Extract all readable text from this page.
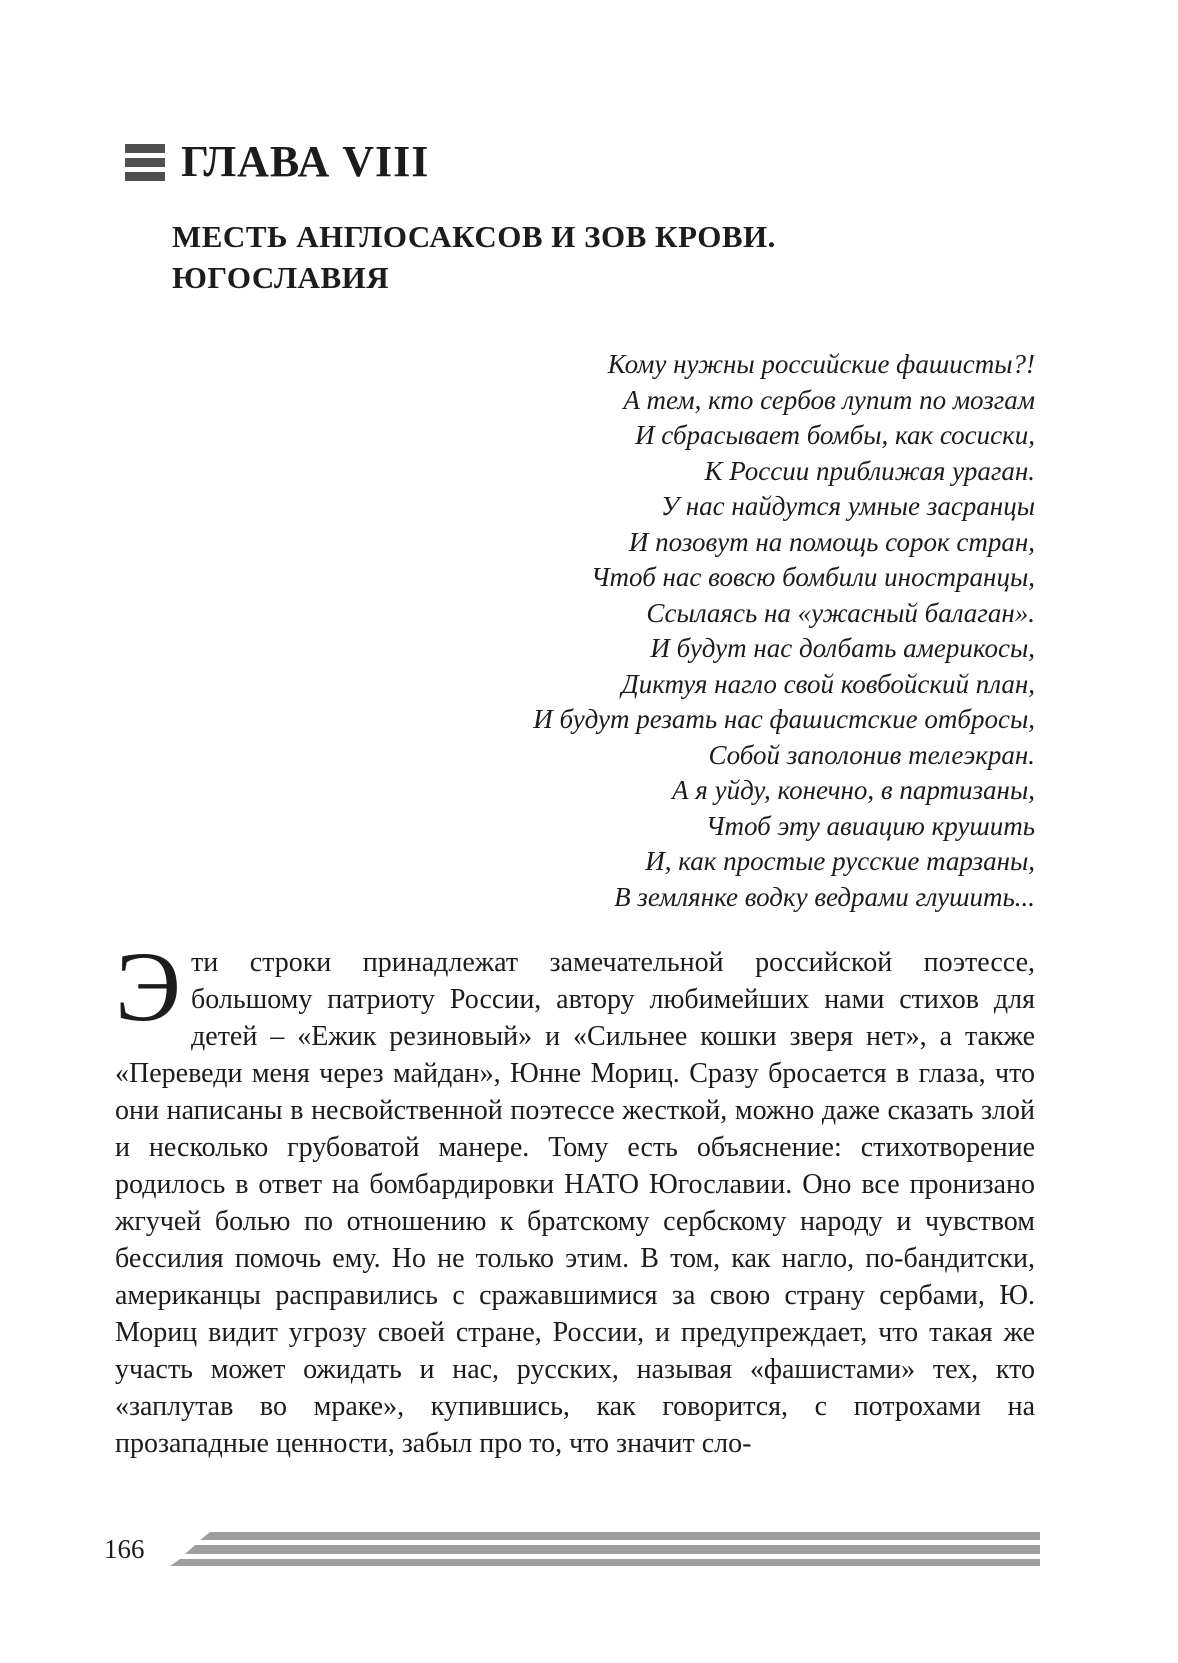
ГЛАВА VIII
МЕСТЬ АНГЛОСАКСОВ И ЗОВ КРОВИ.
ЮГОСЛАВИЯ
Кому нужны российские фашисты?!
А тем, кто сербов лупит по мозгам
И сбрасывает бомбы, как сосиски,
К России приближая ураган.
У нас найдутся умные засранцы
И позовут на помощь сорок стран,
Чтоб нас вовсю бомбили иностранцы,
Ссылаясь на «ужасный балаган».
И будут нас долбать америкосы,
Диктуя нагло свой ковбойский план,
И будут резать нас фашистские отбросы,
Собой заполонив телеэкран.
А я уйду, конечно, в партизаны,
Чтоб эту авиацию крушить
И, как простые русские тарзаны,
В землянке водку ведрами глушить...
Эти строки принадлежат замечательной российской поэтессе, большому патриоту России, автору любимейших нами стихов для детей – «Ежик резиновый» и «Сильнее кошки зверя нет», а также «Переведи меня через майдан», Юнне Мориц. Сразу бросается в глаза, что они написаны в несвойственной поэтессе жесткой, можно даже сказать злой и несколько грубоватой манере. Тому есть объяснение: стихотворение родилось в ответ на бомбардировки НАТО Югославии. Оно все пронизано жгучей болью по отношению к братскому сербскому народу и чувством бессилия помочь ему. Но не только этим. В том, как нагло, по-бандитски, американцы расправились с сражавшимися за свою страну сербами, Ю. Мориц видит угрозу своей стране, России, и предупреждает, что такая же участь может ожидать и нас, русских, называя «фашистами» тех, кто «заплутав во мраке», купившись, как говорится, с потрохами на прозападные ценности, забыл про то, что значит сло-
166
